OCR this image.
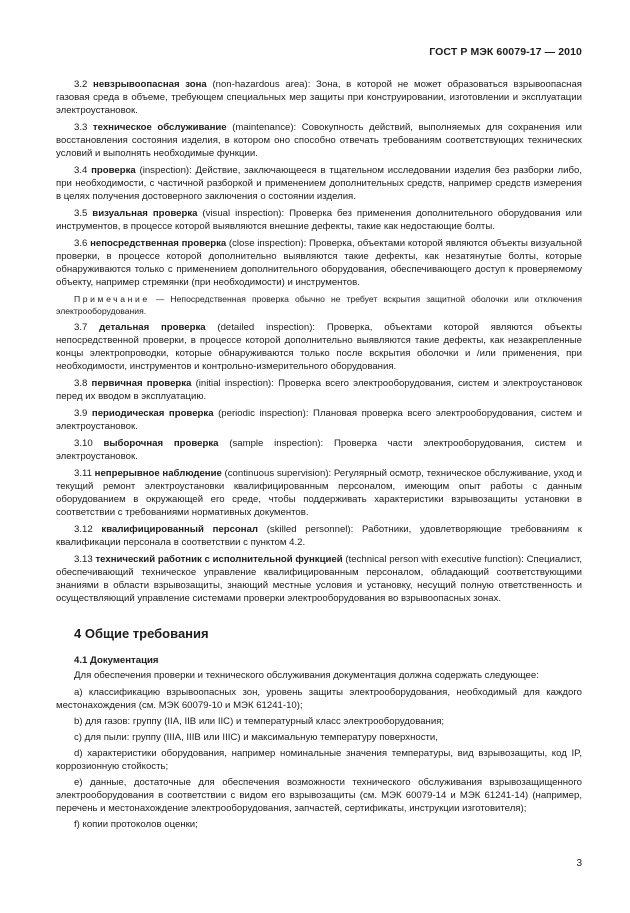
ГОСТ Р МЭК 60079-17 — 2010

3.2 невзрывоопасная зона (non-hazardous area): Зона, в которой не может образоваться взрывоопасная газовая среда в объеме, требующем специальных мер защиты при конструировании, изготовлении и эксплуатации электроустановок.

3.3 техническое обслуживание (maintenance): Совокупность действий, выполняемых для сохранения или восстановления состояния изделия, в котором оно способно отвечать требованиям соответствующих технических условий и выполнять необходимые функции.

3.4 проверка (inspection): Действие, заключающееся в тщательном исследовании изделия без разборки либо, при необходимости, с частичной разборкой и применением дополнительных средств, например средств измерения в целях получения достоверного заключения о состоянии изделия.

3.5 визуальная проверка (visual inspection): Проверка без применения дополнительного оборудования или инструментов, в процессе которой выявляются внешние дефекты, такие как недостающие болты.

3.6 непосредственная проверка (close inspection): Проверка, объектами которой являются объекты визуальной проверки, в процессе которой дополнительно выявляются такие дефекты, как незатянутые болты, которые обнаруживаются только с применением дополнительного оборудования, обеспечивающего доступ к проверяемому объекту, например стремянки (при необходимости) и инструментов.

Примечание — Непосредственная проверка обычно не требует вскрытия защитной оболочки или отключения электрооборудования.

3.7 детальная проверка (detailed inspection): Проверка, объектами которой являются объекты непосредственной проверки, в процессе которой дополнительно выявляются такие дефекты, как незакрепленные концы электропроводки, которые обнаруживаются только после вскрытия оболочки и /или применения, при необходимости, инструментов и контрольно-измерительного оборудования.

3.8 первичная проверка (initial inspection): Проверка всего электрооборудования, систем и электроустановок перед их вводом в эксплуатацию.

3.9 периодическая проверка (periodic inspection): Плановая проверка всего электрооборудования, систем и электроустановок.

3.10 выборочная проверка (sample inspection): Проверка части электрооборудования, систем и электроустановок.

3.11 непрерывное наблюдение (continuous supervision): Регулярный осмотр, техническое обслуживание, уход и текущий ремонт электроустановки квалифицированным персоналом, имеющим опыт работы с данным оборудованием в окружающей его среде, чтобы поддерживать характеристики взрывозащиты установки в соответствии с требованиями нормативных документов.

3.12 квалифицированный персонал (skilled personnel): Работники, удовлетворяющие требованиям к квалификации персонала в соответствии с пунктом 4.2.

3.13 технический работник с исполнительной функцией (technical person with executive function): Специалист, обеспечивающий техническое управление квалифицированным персоналом, обладающий соответствующими знаниями в области взрывозащиты, знающий местные условия и установку, несущий полную ответственность и осуществляющий управление системами проверки электрооборудования во взрывоопасных зонах.

4 Общие требования
4.1 Документация

Для обеспечения проверки и технического обслуживания документация должна содержать следующее:

a) классификацию взрывоопасных зон, уровень защиты электрооборудования, необходимый для каждого местонахождения (см. МЭК 60079-10 и МЭК 61241-10);

b) для газов: группу (IIA, IIB или IIC) и температурный класс электрооборудования;

c) для пыли: группу (IIIA, IIIB или IIIC) и максимальную температуру поверхности,

d) характеристики оборудования, например номинальные значения температуры, вид взрывозащиты, код IP, коррозионную стойкость;

e) данные, достаточные для обеспечения возможности технического обслуживания взрывозащищенного электрооборудования в соответствии с видом его взрывозащиты (см. МЭК 60079-14 и МЭК 61241-14) (например, перечень и местонахождение электрооборудования, запчастей, сертификаты, инструкции изготовителя);

f) копии протоколов оценки;

3
